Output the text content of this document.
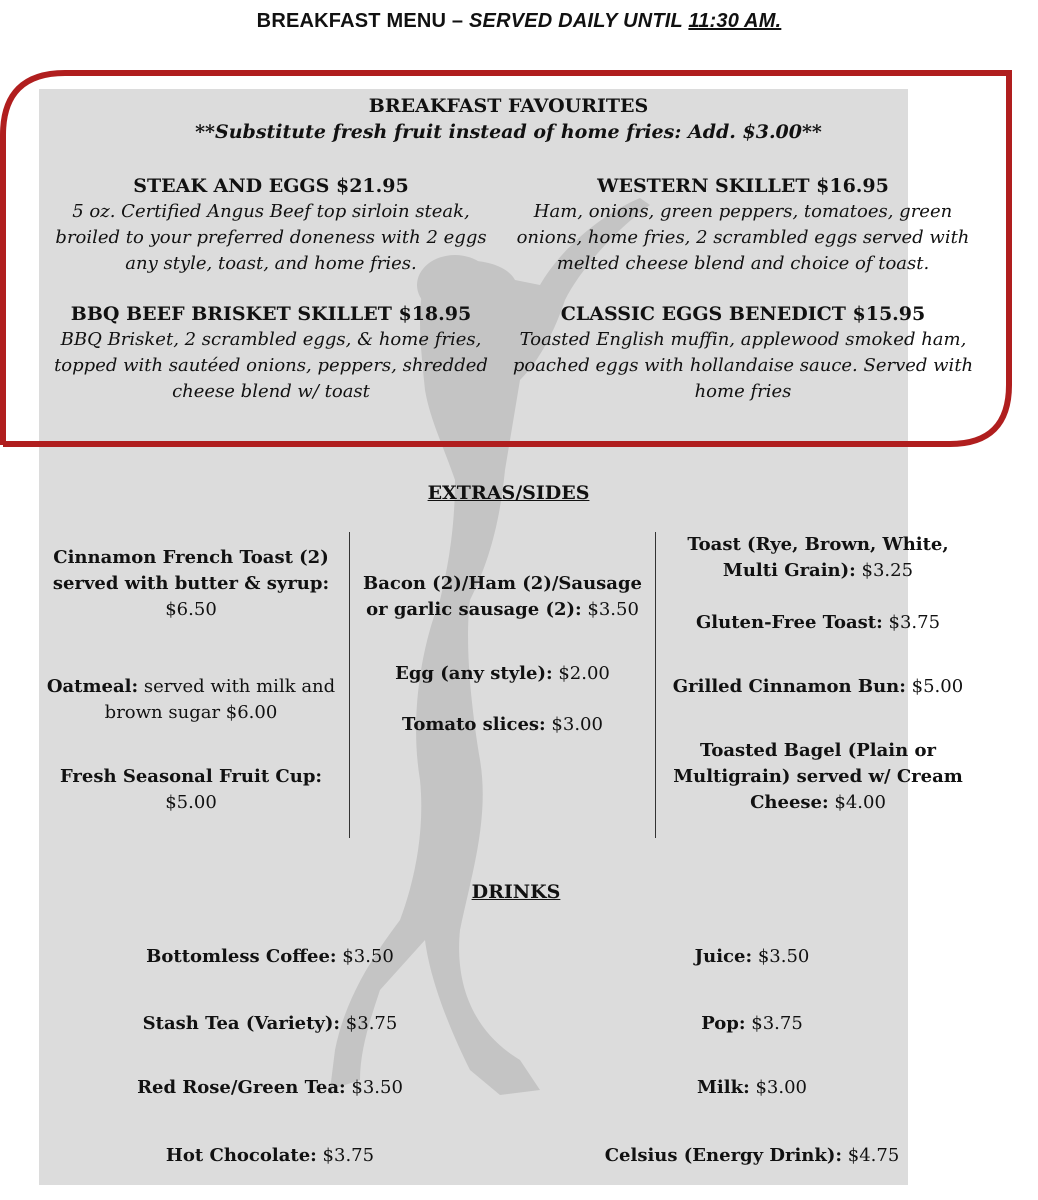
BREAKFAST MENU – SERVED DAILY UNTIL 11:30 AM.
BREAKFAST FAVOURITES
**Substitute fresh fruit instead of home fries: Add. $3.00**
STEAK AND EGGS $21.95
5 oz. Certified Angus Beef top sirloin steak, broiled to your preferred doneness with 2 eggs any style, toast, and home fries.
WESTERN SKILLET $16.95
Ham, onions, green peppers, tomatoes, green onions, home fries, 2 scrambled eggs served with melted cheese blend and choice of toast.
BBQ BEEF BRISKET SKILLET $18.95
BBQ Brisket, 2 scrambled eggs, & home fries, topped with sautéed onions, peppers, shredded cheese blend w/ toast
CLASSIC EGGS BENEDICT $15.95
Toasted English muffin, applewood smoked ham, poached eggs with hollandaise sauce. Served with home fries
EXTRAS/SIDES
Cinnamon French Toast (2) served with butter & syrup: $6.50
Oatmeal: served with milk and brown sugar $6.00
Fresh Seasonal Fruit Cup: $5.00
Bacon (2)/Ham (2)/Sausage or garlic sausage (2): $3.50
Egg (any style): $2.00
Tomato slices: $3.00
Toast (Rye, Brown, White, Multi Grain): $3.25
Gluten-Free Toast: $3.75
Grilled Cinnamon Bun: $5.00
Toasted Bagel (Plain or Multigrain) served w/ Cream Cheese: $4.00
DRINKS
Bottomless Coffee: $3.50
Stash Tea (Variety): $3.75
Red Rose/Green Tea: $3.50
Hot Chocolate: $3.75
Juice: $3.50
Pop: $3.75
Milk: $3.00
Celsius (Energy Drink): $4.75
